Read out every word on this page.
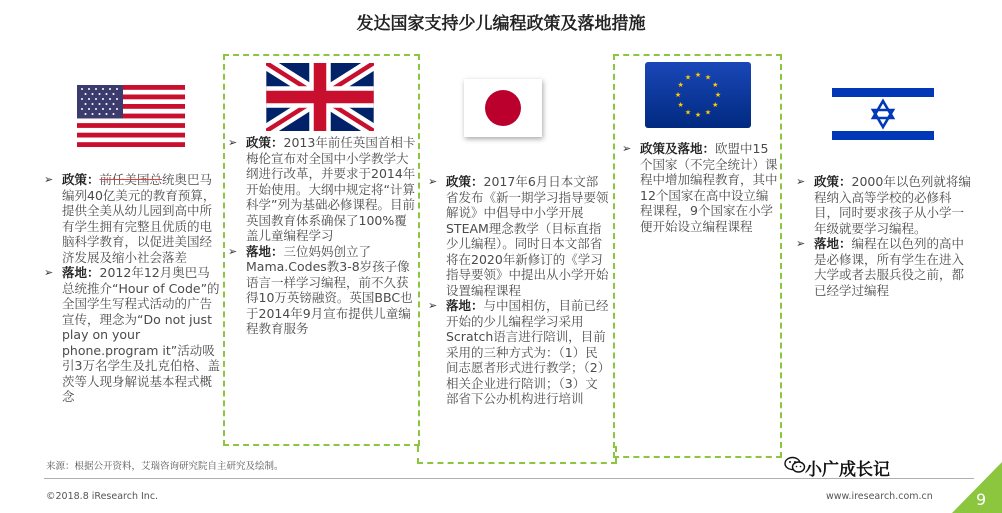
发达国家支持少儿编程政策及落地措施
★ ★
★
★
★
★
★
★
★
★
★
★
➢ 政策：前任美国总统奥巴马编列40亿美元的教育预算，提供全美从幼儿园到高中所有学生拥有完整且优质的电脑科学教育，以促进美国经济发展及缩小社会落差
➢ 落地：2012年12月奥巴马总统推介“Hour of Code”的全国学生写程式活动的广告宣传，理念为“Do not just play on your phone.program it”活动吸引3万名学生及扎克伯格、盖茨等人现身解说基本程式概念
➢ 政策：2013年前任英国首相卡梅伦宣布对全国中小学教学大纲进行改革，并要求于2014年开始使用。大纲中规定将“计算科学”列为基础必修课程。目前英国教育体系确保了100%覆盖儿童编程学习
➢ 落地：三位妈妈创立了Mama.Codes教3-8岁孩子像语言一样学习编程，前不久获得10万英镑融资。英国BBC也于2014年9月宣布提供儿童编程教育服务
➢ 政策：2017年6月日本文部省发布《新一期学习指导要领解说》中倡导中小学开展STEAM理念教学（目标直指少儿编程）。同时日本文部省将在2020年新修订的《学习指导要领》中提出从小学开始设置编程课程
➢ 落地：与中国相仿，目前已经开始的少儿编程学习采用Scratch语言进行陪训，目前采用的三种方式为：（1）民间志愿者形式进行教学；（2）相关企业进行陪训；（3）文部省下公办机构进行培训
➢ 政策及落地：欧盟中15个国家（不完全统计）课程中增加编程教育，其中12个国家在高中设立编程课程，9个国家在小学便开始设立编程课程
➢ 政策：2000年以色列就将编程纳入高等学校的必修科目，同时要求孩子从小学一年级就要学习编程。
➢ 落地：编程在以色列的高中是必修课，所有学生在进入大学或者去服兵役之前，都已经学过编程
来源：根据公开资料，艾瑞咨询研究院自主研究及绘制。
©2018.8 iResearch Inc.	www.iresearch.com.cn
小广成长记
9
